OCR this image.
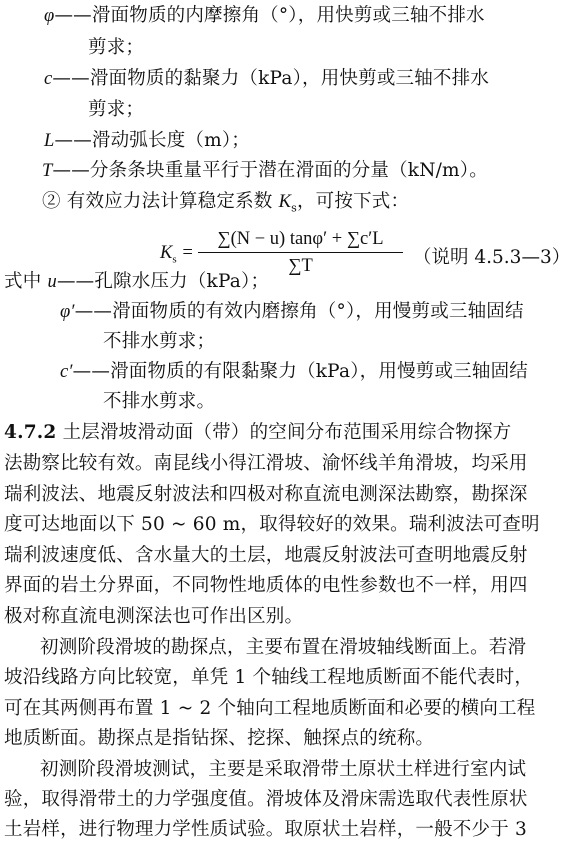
φ——滑面物质的内摩擦角（°），用快剪或三轴不排水
剪求；
c——滑面物质的黏聚力（kPa），用快剪或三轴不排水
剪求；
L——滑动弧长度（m）；
T——分条条块重量平行于潜在滑面的分量（kN/m）。
② 有效应力法计算稳定系数 $K_s$，可按下式：
$K_s$ =
∑(N − u) tanφ′ + ∑c′L
∑T	（说明 4.5.3—3）
式中 u——孔隙水压力（kPa）；
φ′——滑面物质的有效内磨擦角（°），用慢剪或三轴固结
不排水剪求；
c′——滑面物质的有限黏聚力（kPa），用慢剪或三轴固结
不排水剪求。
4.7.2 土层滑坡滑动面（带）的空间分布范围采用综合物探方
法勘察比较有效。南昆线小得江滑坡、渝怀线羊角滑坡，均采用
瑞利波法、地震反射波法和四极对称直流电测深法勘察，勘探深
度可达地面以下 50 ~ 60 m，取得较好的效果。瑞利波法可查明
瑞利波速度低、含水量大的土层，地震反射波法可查明地震反射
界面的岩土分界面，不同物性地质体的电性参数也不一样，用四
极对称直流电测深法也可作出区别。
初测阶段滑坡的勘探点，主要布置在滑坡轴线断面上。若滑
坡沿线路方向比较宽，单凭 1 个轴线工程地质断面不能代表时，
可在其两侧再布置 1 ~ 2 个轴向工程地质断面和必要的横向工程
地质断面。勘探点是指钻探、挖探、触探点的统称。
初测阶段滑坡测试，主要是采取滑带土原状土样进行室内试
验，取得滑带土的力学强度值。滑坡体及滑床需选取代表性原状
土岩样，进行物理力学性质试验。取原状土岩样，一般不少于 3
